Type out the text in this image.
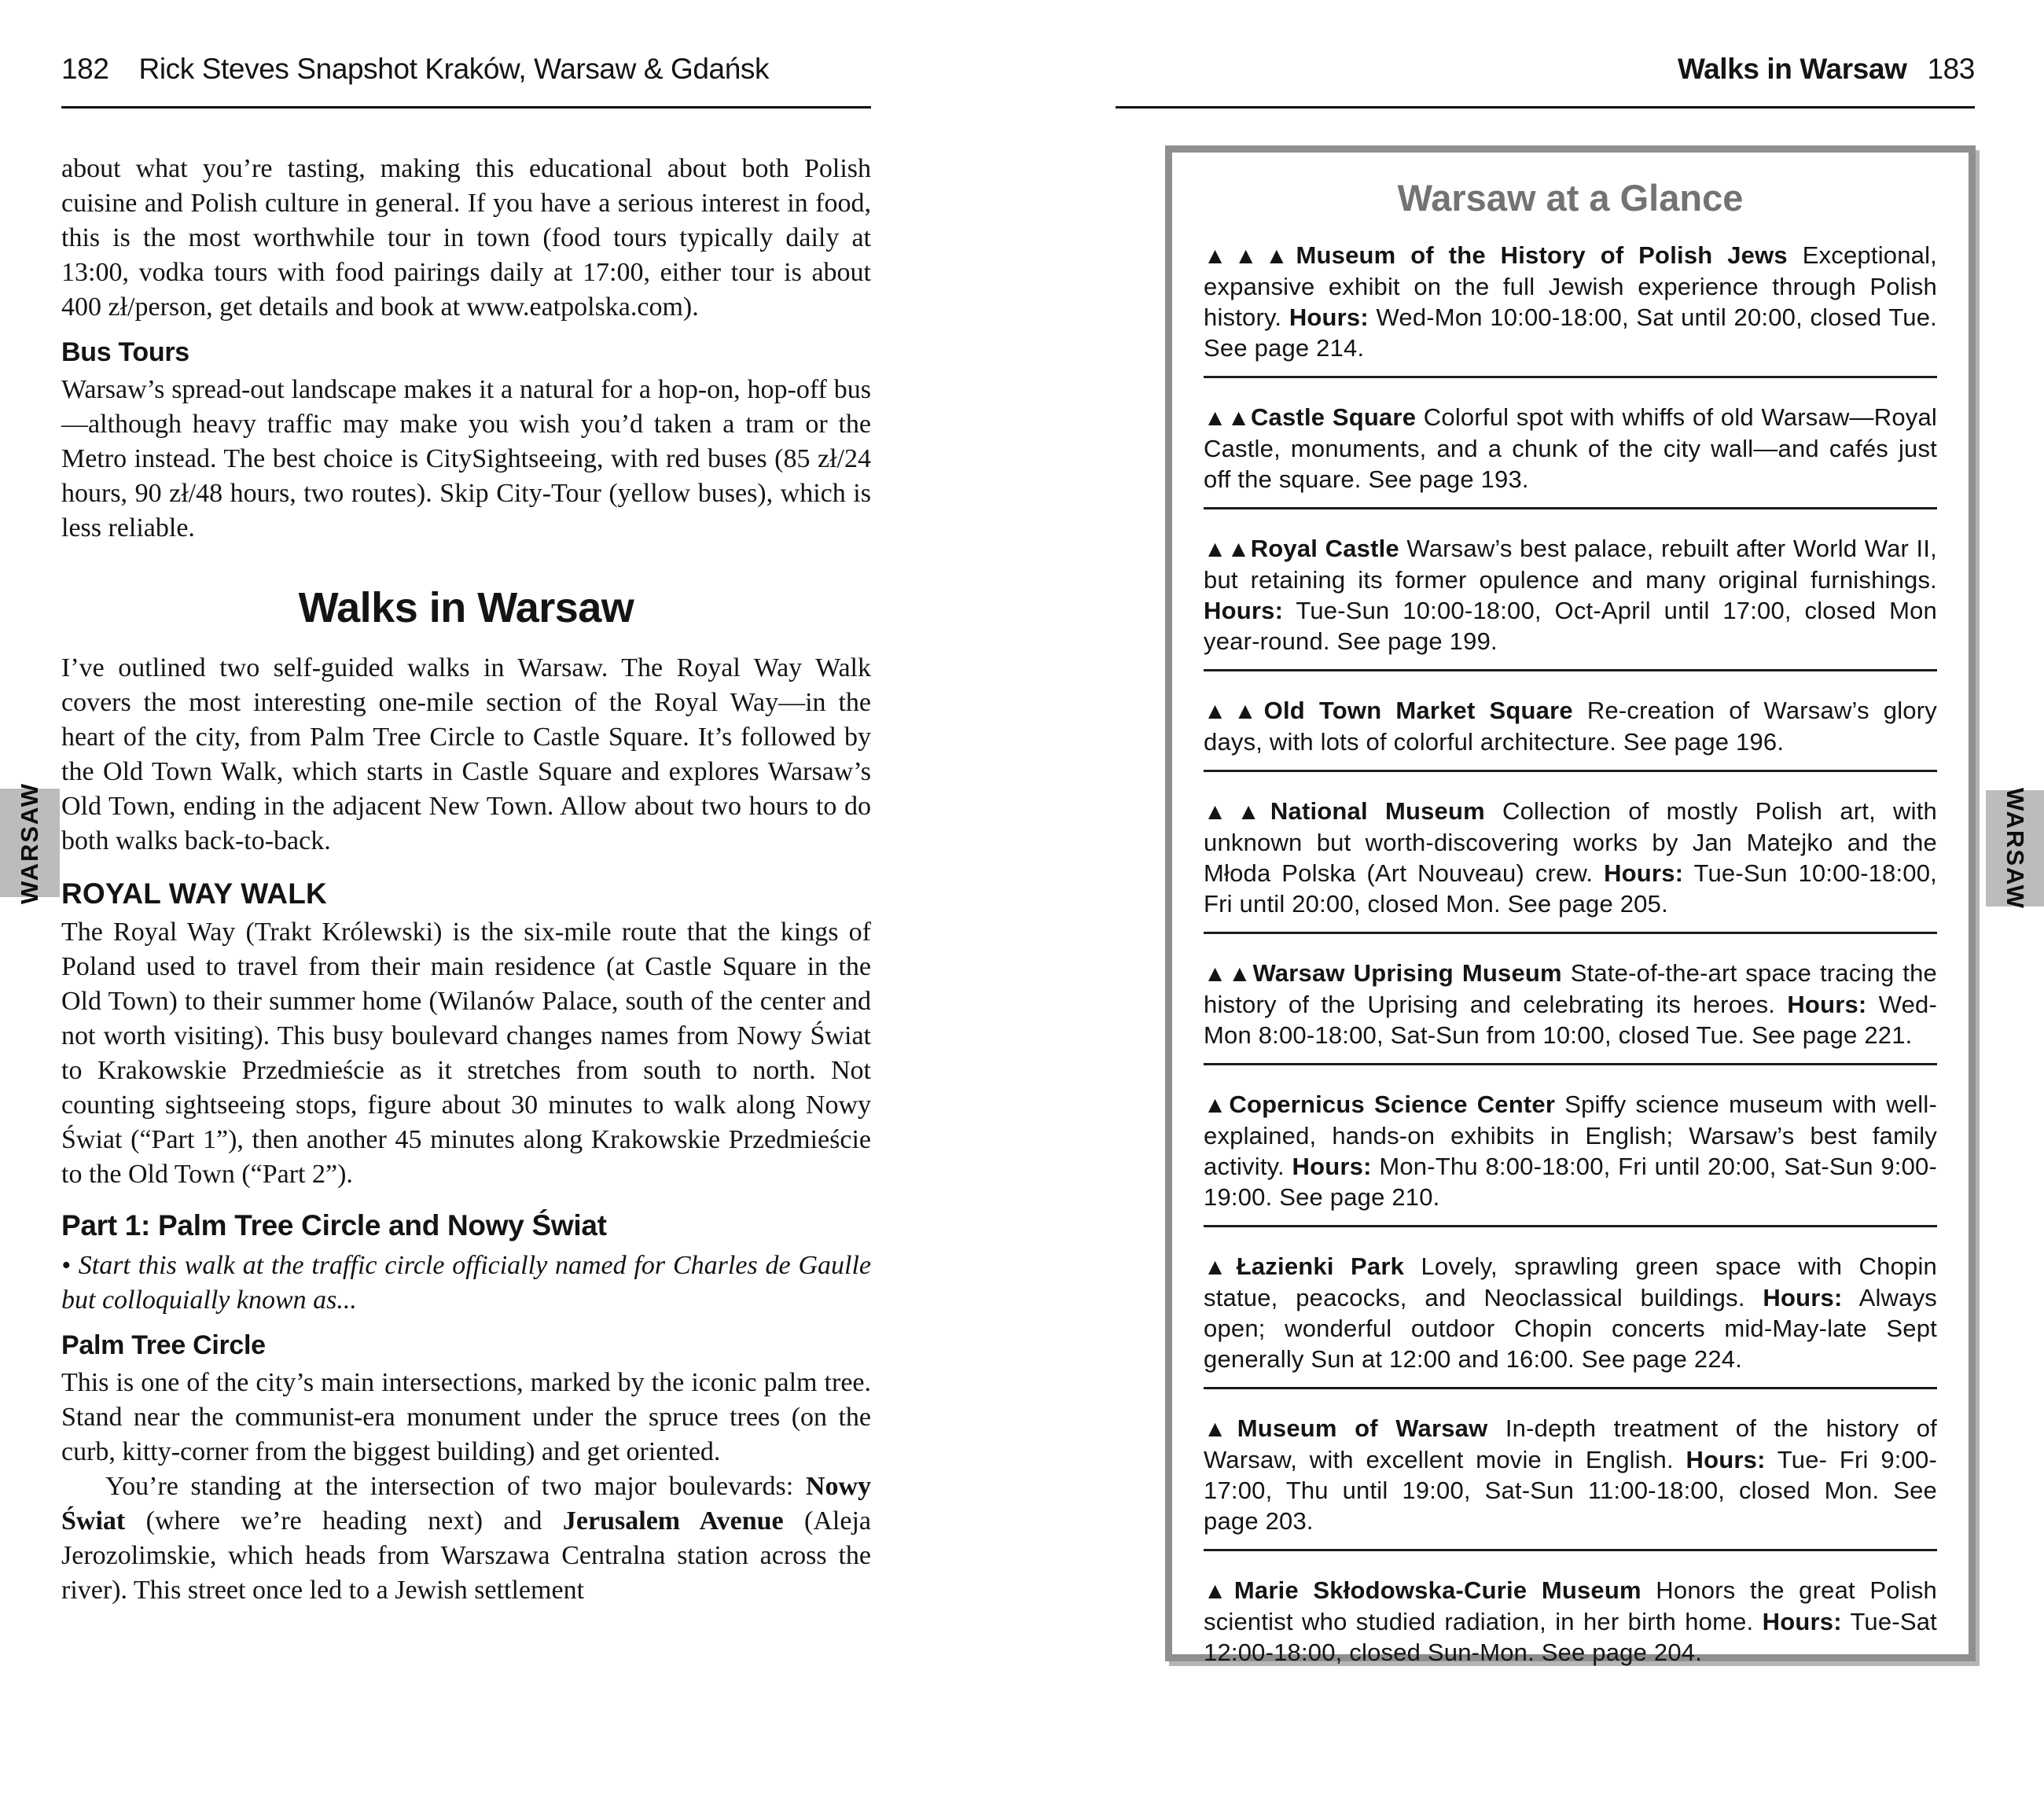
WARSAW	WARSAW
182 Rick Steves Snapshot Kraków, Warsaw & Gdańsk	Walks in Warsaw 183

about what you’re tasting, making this educational about both Polish cuisine and Polish culture in general. If you have a serious interest in food, this is the most worthwhile tour in town (food tours typically daily at 13:00, vodka tours with food pairings daily at 17:00, either tour is about 400 zł/person, get details and book at www.eatpolska.com).

Bus Tours

Warsaw’s spread-out landscape makes it a natural for a hop-on, hop-off bus—although heavy traffic may make you wish you’d taken a tram or the Metro instead. The best choice is CitySightseeing, with red buses (85 zł/24 hours, 90 zł/48 hours, two routes). Skip City-Tour (yellow buses), which is less reliable.

Walks in Warsaw

I’ve outlined two self-guided walks in Warsaw. The Royal Way Walk covers the most interesting one-mile section of the Royal Way—in the heart of the city, from Palm Tree Circle to Castle Square. It’s followed by the Old Town Walk, which starts in Castle Square and explores Warsaw’s Old Town, ending in the adjacent New Town. Allow about two hours to do both walks back-to-back.

ROYAL WAY WALK

The Royal Way (Trakt Królewski) is the six-mile route that the kings of Poland used to travel from their main residence (at Castle Square in the Old Town) to their summer home (Wilanów Palace, south of the center and not worth visiting). This busy boulevard changes names from Nowy Świat to Krakowskie Przedmieście as it stretches from south to north. Not counting sightseeing stops, figure about 30 minutes to walk along Nowy Świat (“Part 1”), then another 45 minutes along Krakowskie Przedmieście to the Old Town (“Part 2”).

Part 1: Palm Tree Circle and Nowy Świat

• Start this walk at the traffic circle officially named for Charles de Gaulle but colloquially known as...

Palm Tree Circle

This is one of the city’s main intersections, marked by the iconic palm tree. Stand near the communist-era monument under the spruce trees (on the curb, kitty-corner from the biggest building) and get oriented.

You’re standing at the intersection of two major boulevards: Nowy Świat (where we’re heading next) and Jerusalem Avenue (Aleja Jerozolimskie, which heads from Warszawa Centralna station across the river). This street once led to a Jewish settlement

Warsaw at a Glance

▲▲▲Museum of the History of Polish Jews Exceptional, expansive exhibit on the full Jewish experience through Polish history. Hours: Wed-Mon 10:00-18:00, Sat until 20:00, closed Tue. See page 214.

▲▲Castle Square Colorful spot with whiffs of old Warsaw—Royal Castle, monuments, and a chunk of the city wall—and cafés just off the square. See page 193.

▲▲Royal Castle Warsaw’s best palace, rebuilt after World War II, but retaining its former opulence and many original furnishings. Hours: Tue-Sun 10:00-18:00, Oct-April until 17:00, closed Mon year-round. See page 199.

▲▲Old Town Market Square Re-creation of Warsaw’s glory days, with lots of colorful architecture. See page 196.

▲▲National Museum Collection of mostly Polish art, with unknown but worth-discovering works by Jan Matejko and the Młoda Polska (Art Nouveau) crew. Hours: Tue-Sun 10:00-18:00, Fri until 20:00, closed Mon. See page 205.

▲▲Warsaw Uprising Museum State-of-the-art space tracing the history of the Uprising and celebrating its heroes. Hours: Wed-Mon 8:00-18:00, Sat-Sun from 10:00, closed Tue. See page 221.

▲Copernicus Science Center Spiffy science museum with well-explained, hands-on exhibits in English; Warsaw’s best family activity. Hours: Mon-Thu 8:00-18:00, Fri until 20:00, Sat-Sun 9:00-19:00. See page 210.

▲Łazienki Park Lovely, sprawling green space with Chopin statue, peacocks, and Neoclassical buildings. Hours: Always open; wonderful outdoor Chopin concerts mid-May-late Sept generally Sun at 12:00 and 16:00. See page 224.

▲Museum of Warsaw In-depth treatment of the history of Warsaw, with excellent movie in English. Hours: Tue- Fri 9:00-17:00, Thu until 19:00, Sat-Sun 11:00-18:00, closed Mon. See page 203.

▲Marie Skłodowska-Curie Museum Honors the great Polish scientist who studied radiation, in her birth home. Hours: Tue-Sat 12:00-18:00, closed Sun-Mon. See page 204.
